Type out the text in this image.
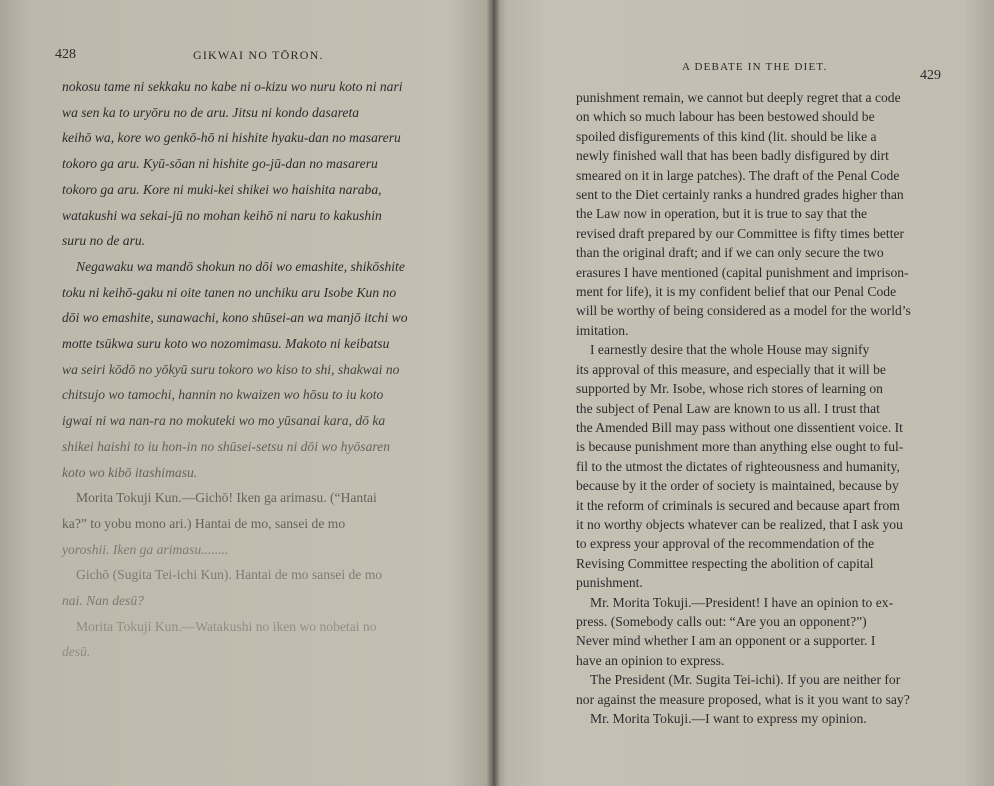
428	GIKWAI NO TŌRON.
nokosu tame ni sekkaku no kabe ni o-kizu wo nuru koto ni nari
wa sen ka to uryōru no de aru. Jitsu ni kondo dasareta
keihō wa, kore wo genkō-hō ni hishite hyaku-dan no masareru
tokoro ga aru. Kyū-sōan ni hishite go-jū-dan no masareru
tokoro ga aru. Kore ni muki-kei shikei wo haishita naraba,
watakushi wa sekai-jū no mohan keihō ni naru to kakushin
suru no de aru.
Negawaku wa mandō shokun no dōi wo emashite, shikōshite
toku ni keihō-gaku ni oite tanen no unchiku aru Isobe Kun no
dōi wo emashite, sunawachi, kono shūsei-an wa manjō itchi wo
motte tsūkwa suru koto wo nozomimasu. Makoto ni keibatsu
wa seiri kōdō no yōkyū suru tokoro wo kiso to shi, shakwai no
chitsujo wo tamochi, hannin no kwaizen wo hōsu to iu koto
igwai ni wa nan-ra no mokuteki wo mo yūsanai kara, dō ka
shikei haishi to iu hon-in no shūsei-setsu ni dōi wo hyōsaren
koto wo kibō itashimasu.
Morita Tokuji Kun.—Gichō! Iken ga arimasu. (“Hantai
ka?” to yobu mono ari.) Hantai de mo, sansei de mo
yoroshii. Iken ga arimasu........
Gichō (Sugita Tei-ichi Kun). Hantai de mo sansei de mo
nai. Nan desū?
Morita Tokuji Kun.—Watakushi no iken wo nobetai no
desū.
A DEBATE IN THE DIET.
429
punishment remain, we cannot but deeply regret that a code
on which so much labour has been bestowed should be
spoiled disfigurements of this kind (lit. should be like a
newly finished wall that has been badly disfigured by dirt
smeared on it in large patches). The draft of the Penal Code
sent to the Diet certainly ranks a hundred grades higher than
the Law now in operation, but it is true to say that the
revised draft prepared by our Committee is fifty times better
than the original draft; and if we can only secure the two
erasures I have mentioned (capital punishment and imprison-
ment for life), it is my confident belief that our Penal Code
will be worthy of being considered as a model for the world’s
imitation.
I earnestly desire that the whole House may signify
its approval of this measure, and especially that it will be
supported by Mr. Isobe, whose rich stores of learning on
the subject of Penal Law are known to us all. I trust that
the Amended Bill may pass without one dissentient voice. It
is because punishment more than anything else ought to ful-
fil to the utmost the dictates of righteousness and humanity,
because by it the order of society is maintained, because by
it the reform of criminals is secured and because apart from
it no worthy objects whatever can be realized, that I ask you
to express your approval of the recommendation of the
Revising Committee respecting the abolition of capital
punishment.
Mr. Morita Tokuji.—President! I have an opinion to ex-
press. (Somebody calls out: “Are you an opponent?”)
Never mind whether I am an opponent or a supporter. I
have an opinion to express.
The President (Mr. Sugita Tei-ichi). If you are neither for
nor against the measure proposed, what is it you want to say?
Mr. Morita Tokuji.—I want to express my opinion.
